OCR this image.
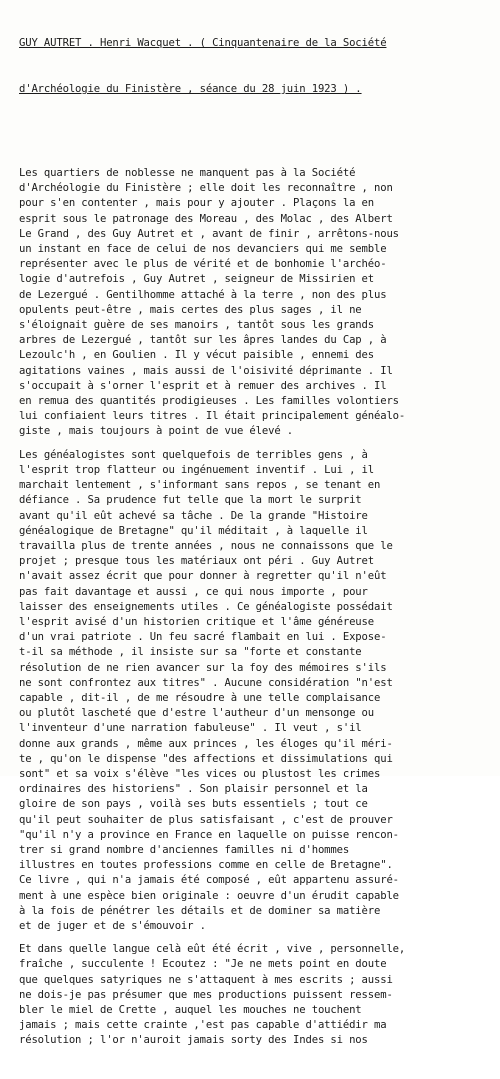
GUY AUTRET . Henri Wacquet . ( Cinquantenaire de la Société

d'Archéologie du Finistère , séance du 28 juin 1923 ) .

Les quartiers de noblesse ne manquent pas à la Société
d'Archéologie du Finistère ; elle doit les reconnaître , non
pour s'en contenter , mais pour y ajouter . Plaçons la en
esprit sous le patronage des Moreau , des Molac , des Albert
Le Grand , des Guy Autret et , avant de finir , arrêtons-nous
un instant en face de celui de nos devanciers qui me semble
représenter avec le plus de vérité et de bonhomie l'archéo-
logie d'autrefois , Guy Autret , seigneur de Missirien et
de Lezergué . Gentilhomme attaché à la terre , non des plus
opulents peut-être , mais certes des plus sages , il ne
s'éloignait guère de ses manoirs , tantôt sous les grands
arbres de Lezergué , tantôt sur les âpres landes du Cap , à
Lezoulc'h , en Goulien . Il y vécut paisible , ennemi des
agitations vaines , mais aussi de l'oisivité déprimante . Il
s'occupait à s'orner l'esprit et à remuer des archives . Il
en remua des quantités prodigieuses . Les familles volontiers
lui confiaient leurs titres . Il était principalement généalo-
giste , mais toujours à point de vue élevé .
Les généalogistes sont quelquefois de terribles gens , à
l'esprit trop flatteur ou ingénuement inventif . Lui , il
marchait lentement , s'informant sans repos , se tenant en
défiance . Sa prudence fut telle que la mort le surprit
avant qu'il eût achevé sa tâche . De la grande "Histoire
généalogique de Bretagne" qu'il méditait , à laquelle il
travailla plus de trente années , nous ne connaissons que le
projet ; presque tous les matériaux ont péri . Guy Autret
n'avait assez écrit que pour donner à regretter qu'il n'eût
pas fait davantage et aussi , ce qui nous importe , pour
laisser des enseignements utiles . Ce généalogiste possédait
l'esprit avisé d'un historien critique et l'âme généreuse
d'un vrai patriote . Un feu sacré flambait en lui . Expose-
t-il sa méthode , il insiste sur sa "forte et constante
résolution de ne rien avancer sur la foy des mémoires s'ils
ne sont confrontez aux titres" . Aucune considération "n'est
capable , dit-il , de me résoudre à une telle complaisance
ou plutôt lascheté que d'estre l'autheur d'un mensonge ou
l'inventeur d'une narration fabuleuse" . Il veut , s'il
donne aux grands , même aux princes , les éloges qu'il méri-
te , qu'on le dispense "des affections et dissimulations qui
sont" et sa voix s'élève "les vices ou plustost les crimes
ordinaires des historiens" . Son plaisir personnel et la
gloire de son pays , voilà ses buts essentiels ; tout ce
qu'il peut souhaiter de plus satisfaisant , c'est de prouver
"qu'il n'y a province en France en laquelle on puisse rencon-
trer si grand nombre d'anciennes familles ni d'hommes
illustres en toutes professions comme en celle de Bretagne".
Ce livre , qui n'a jamais été composé , eût appartenu assuré-
ment à une espèce bien originale : oeuvre d'un érudit capable
à la fois de pénétrer les détails et de dominer sa matière
et de juger et de s'émouvoir .
Et dans quelle langue celà eût été écrit , vive , personnelle,
fraîche , succulente ! Ecoutez : "Je ne mets point en doute
que quelques satyriques ne s'attaquent à mes escrits ; aussi
ne dois-je pas présumer que mes productions puissent ressem-
bler le miel de Crette , auquel les mouches ne touchent
jamais ; mais cette crainte ,'est pas capable d'attiédir ma
résolution ; l'or n'auroit jamais sorty des Indes si nos
